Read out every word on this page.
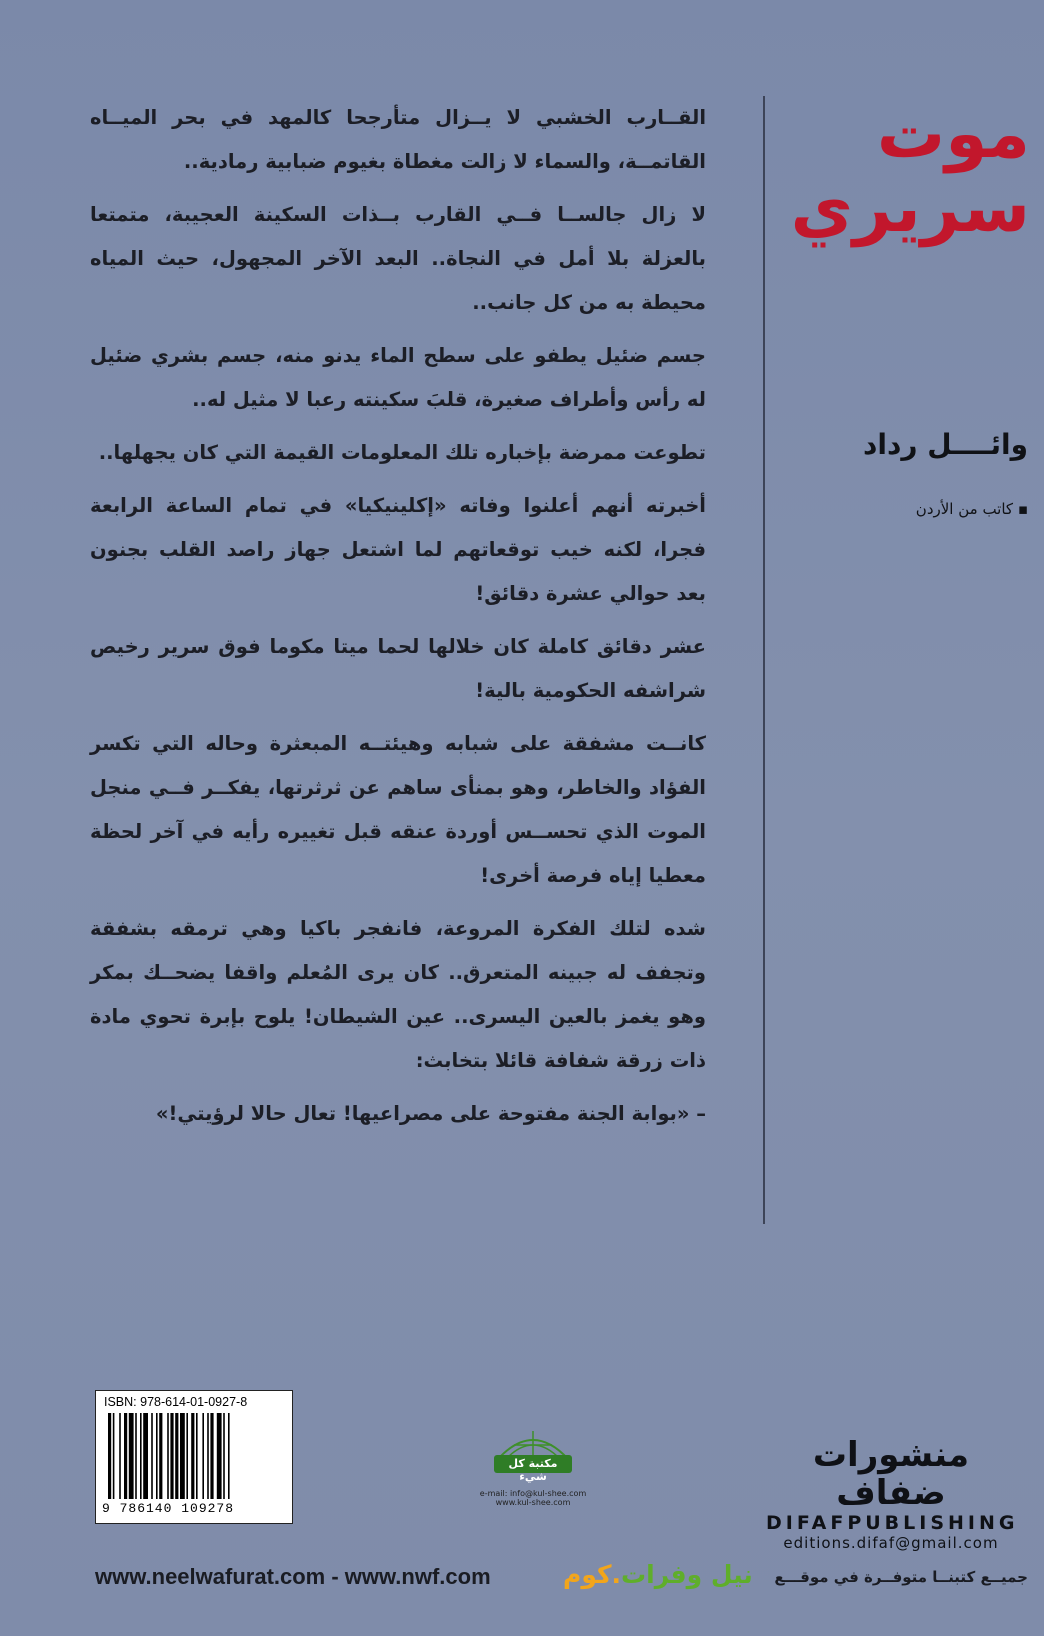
القــارب الخشبي لا يــزال متأرجحا كالمهد في بحر الميــاه القاتمــة، والسماء لا زالت مغطاة بغيوم ضبابية رمادية..

لا زال جالســا فــي القارب بــذات السكينة العجيبة، متمتعا بالعزلة بلا أمل في النجاة.. البعد الآخر المجهول، حيث المياه محيطة به من كل جانب..

جسم ضئيل يطفو على سطح الماء يدنو منه، جسم بشري ضئيل له رأس وأطراف صغيرة، قلبَ سكينته رعبا لا مثيل له..

تطوعت ممرضة بإخباره تلك المعلومات القيمة التي كان يجهلها..

أخبرته أنهم أعلنوا وفاته «إكلينيكيا» في تمام الساعة الرابعة فجرا، لكنه خيب توقعاتهم لما اشتعل جهاز راصد القلب بجنون بعد حوالي عشرة دقائق!

عشر دقائق كاملة كان خلالها لحما ميتا مكوما فوق سرير رخيص شراشفه الحكومية بالية!

كانــت مشفقة على شبابه وهيئتــه المبعثرة وحاله التي تكسر الفؤاد والخاطر، وهو بمنأى ساهم عن ثرثرتها، يفكــر فــي منجل الموت الذي تحســس أوردة عنقه قبل تغييره رأيه في آخر لحظة معطيا إياه فرصة أخرى!

شده لتلك الفكرة المروعة، فانفجر باكيا وهي ترمقه بشفقة وتجفف له جبينه المتعرق.. كان يرى المُعلم واقفا يضحــك بمكر وهو يغمز بالعين اليسرى.. عين الشيطان! يلوح بإبرة تحوي مادة ذات زرقة شفافة قائلا بتخابث:

– «بوابة الجنة مفتوحة على مصراعيها! تعال حالا لرؤيتي!»

موت
سريري
وائــــل رداد
▪ كاتب من الأردن
ISBN: 978-614-01-0927-8
9 786140 109278
مكتبة كل شيء
e-mail: info@kul-shee.com
www.kul-shee.com
منشورات ضفاف
DIFAFPUBLISHING
editions.difaf@gmail.com
www.neelwafurat.com - www.nwf.com	نيل وفرات.كوم	جميــع كتبنــا متوفــرة في موقـــع
